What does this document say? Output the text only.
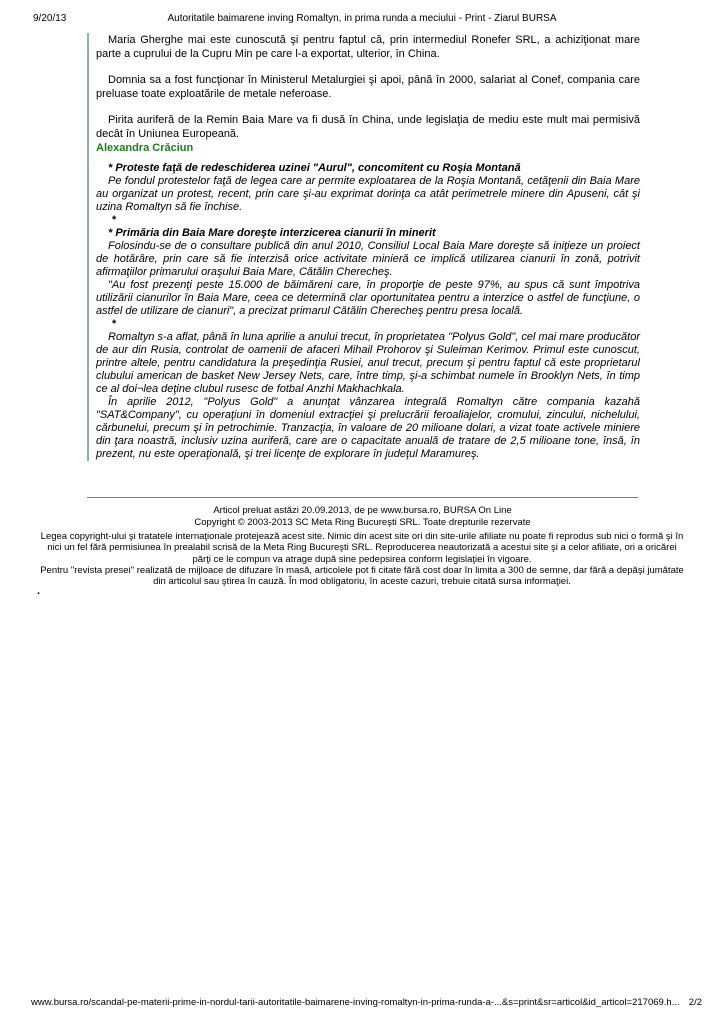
9/20/13	Autoritatile baimarene inving Romaltyn, in prima runda a meciului - Print - Ziarul BURSA

Maria Gherghe mai este cunoscută şi pentru faptul că, prin intermediul Ronefer SRL, a achiziţionat mare parte a cuprului de la Cupru Min pe care l-a exportat, ulterior, în China.

Domnia sa a fost funcţionar în Ministerul Metalurgiei şi apoi, până în 2000, salariat al Conef, compania care preluase toate exploatările de metale neferoase.

Pirita auriferă de la Remin Baia Mare va fi dusă în China, unde legislaţia de mediu este mult mai permisivă decât în Uniunea Europeană.

Alexandra Crăciun

* Proteste faţă de redeschiderea uzinei "Aurul", concomitent cu Roşia Montană

Pe fondul protestelor faţă de legea care ar permite exploatarea de la Roşia Montană, cetăţenii din Baia Mare au organizat un protest, recent, prin care şi-au exprimat dorinţa ca atât perimetrele minere din Apuseni, cât şi uzina Romaltyn să fie închise.

*

* Primăria din Baia Mare doreşte interzicerea cianurii în minerit

Folosindu-se de o consultare publică din anul 2010, Consiliul Local Baia Mare doreşte să iniţieze un proiect de hotărâre, prin care să fie interzisă orice activitate minieră ce implică utilizarea cianurii în zonă, potrivit afirmaţiilor primarului oraşului Baia Mare, Cătălin Cherecheş.

"Au fost prezenţi peste 15.000 de băimăreni care, în proporţie de peste 97%, au spus că sunt împotriva utilizării cianurilor în Baia Mare, ceea ce determină clar oportunitatea pentru a interzice o astfel de funcţiune, o astfel de utilizare de cianuri", a precizat primarul Cătălin Cherecheş pentru presa locală.

*

Romaltyn s-a aflat, până în luna aprilie a anului trecut, în proprietatea "Polyus Gold", cel mai mare producător de aur din Rusia, controlat de oamenii de afaceri Mihail Prohorov şi Suleiman Kerimov. Primul este cunoscut, printre altele, pentru candidatura la preşedinţia Rusiei, anul trecut, precum şi pentru faptul că este proprietarul clubului american de basket New Jersey Nets, care, între timp, şi-a schimbat numele în Brooklyn Nets, în timp ce al doi¬lea deţine clubul rusesc de fotbal Anzhi Makhachkala.

În aprilie 2012, "Polyus Gold" a anunţat vânzarea integrală Romaltyn către compania kazahă "SAT&Company", cu operaţiuni în domeniul extracţiei şi prelucrării feroaliajelor, cromului, zincului, nichelului, cărbunelui, precum şi în petrochimie. Tranzacţia, în valoare de 20 milioane dolari, a vizat toate activele miniere din ţara noastră, inclusiv uzina auriferă, care are o capacitate anuală de tratare de 2,5 milioane tone, însă, în prezent, nu este operaţională, şi trei licenţe de explorare în judeţul Maramureş.

Articol preluat astăzi 20.09.2013, de pe www.bursa.ro, BURSA On Line
Copyright © 2003-2013 SC Meta Ring Bucureşti SRL. Toate drepturile rezervate

Legea copyright-ului şi tratatele internaţionale protejează acest site. Nimic din acest site ori din site-urile afiliate nu poate fi reprodus sub nici o formă şi în nici un fel fără permisiunea în prealabil scrisă de la Meta Ring Bucureşti SRL. Reproducerea neautorizată a acestui site şi a celor afiliate, ori a oricărei părţi ce le compun va atrage după sine pedepsirea conform legislaţiei în vigoare.

Pentru "revista presei" realizată de mijloace de difuzare în masă, articolele pot fi citate fără cost doar în limita a 300 de semne, dar fără a depăşi jumătate din articolul sau ştirea în cauză. În mod obligatoriu, în aceste cazuri, trebuie citată sursa informaţiei.

.
www.bursa.ro/scandal-pe-materii-prime-in-nordul-tarii-autoritatile-baimarene-inving-romaltyn-in-prima-runda-a-...&s=print&sr=articol&id_articol=217069.h... 2/2
